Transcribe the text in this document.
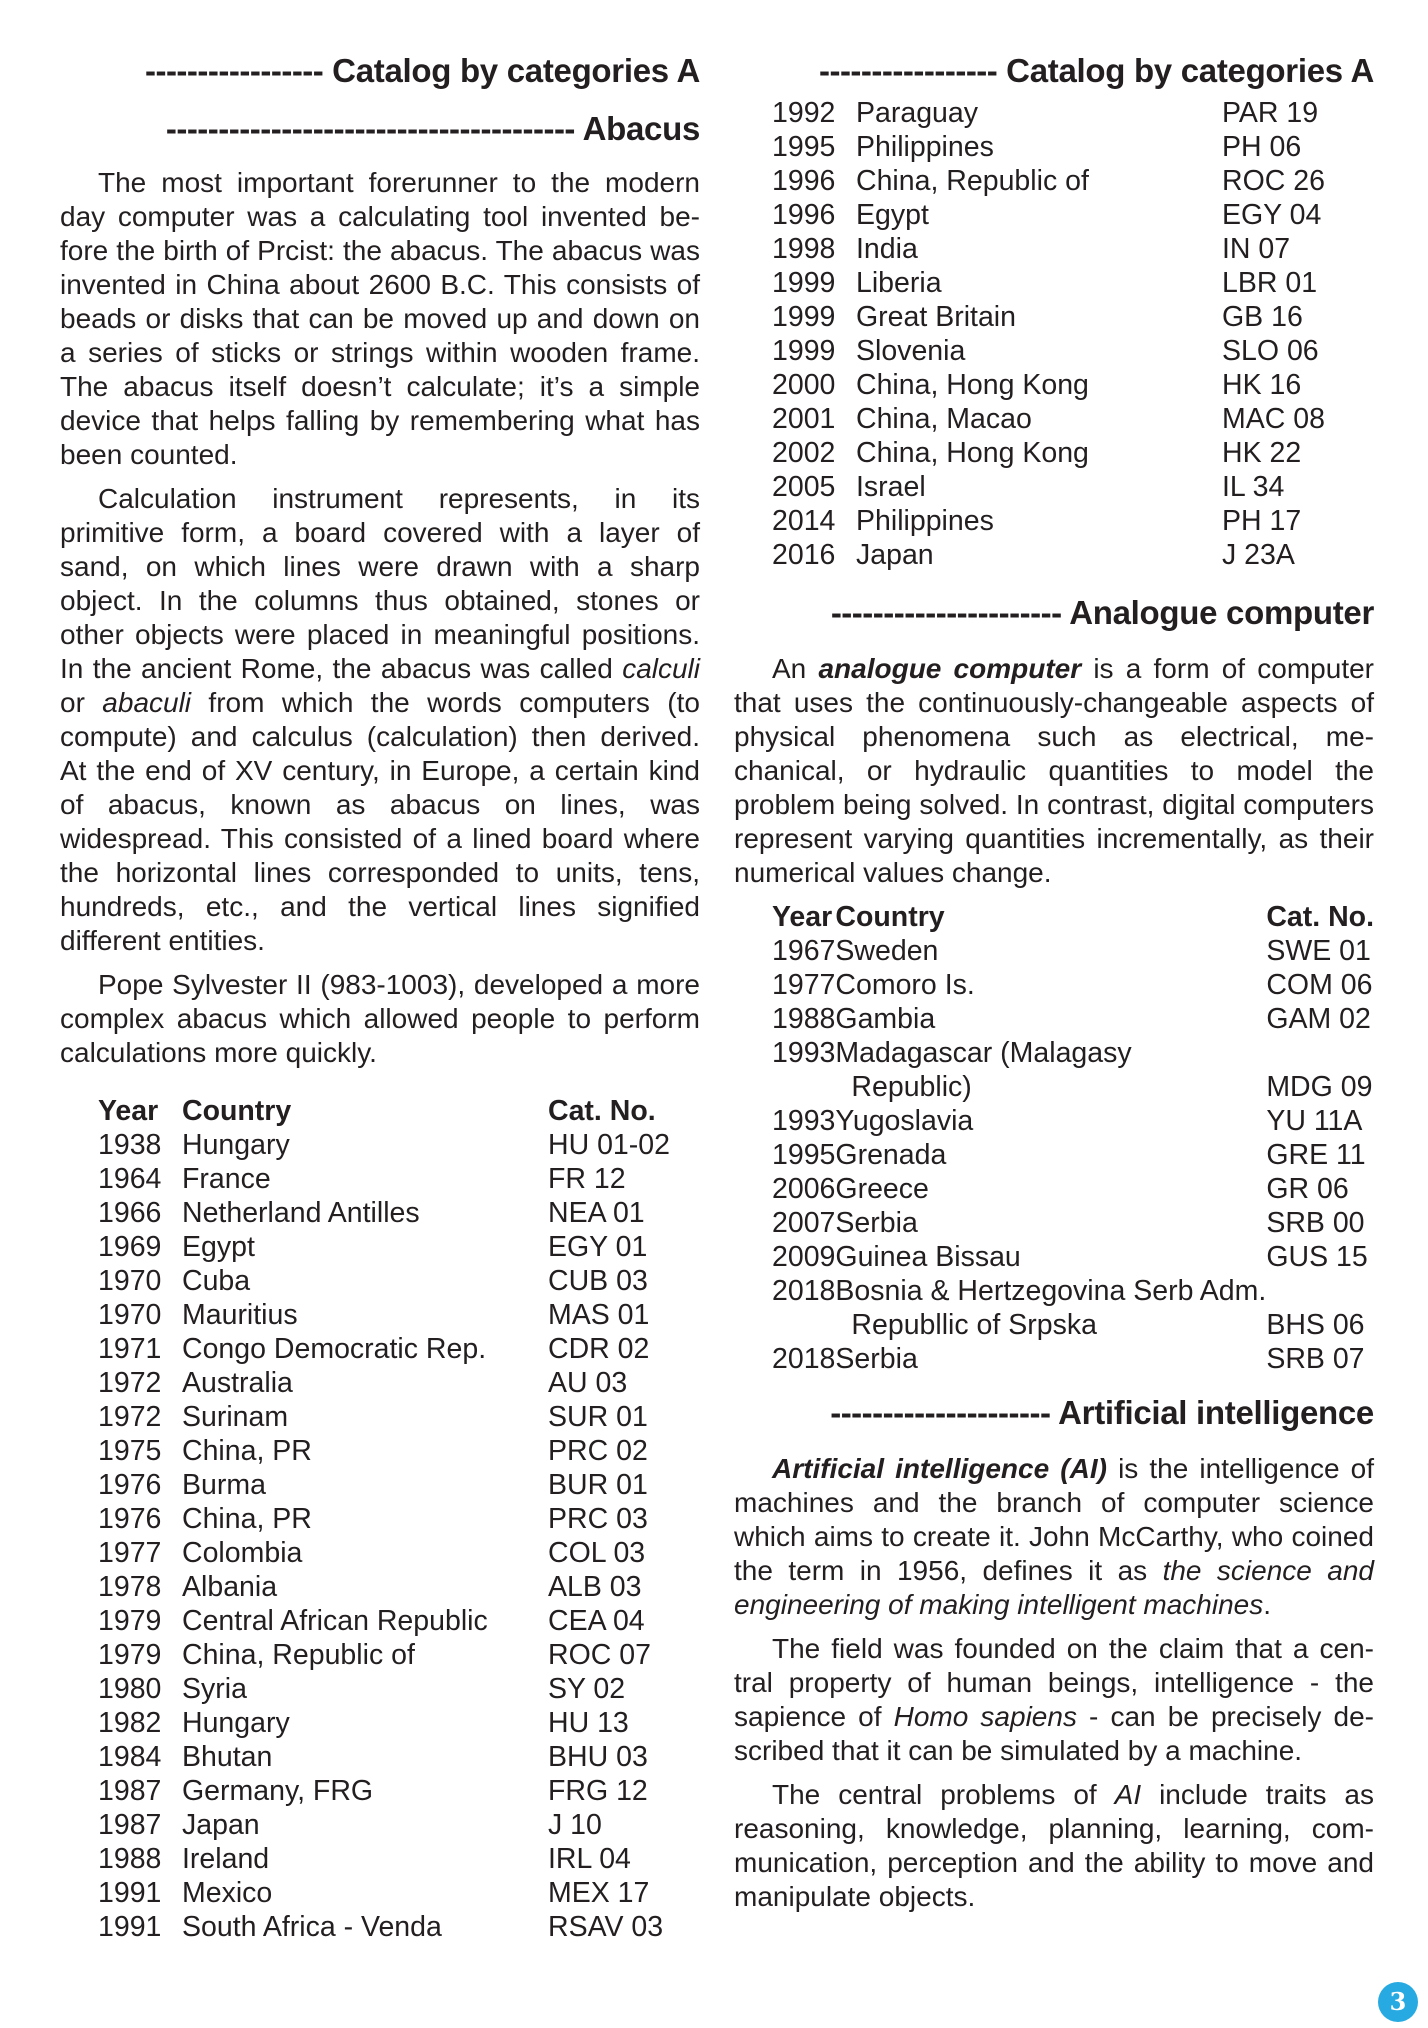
----------------- Catalog by categories A
--------------------------------------- Abacus

The most important forerunner to the modern day computer was a calculating tool invented before the birth of Prcist: the abacus. The abacus was invented in China about 2600 B.C. This consists of beads or disks that can be moved up and down on a series of sticks or strings within wooden frame. The abacus itself doesn’t calculate; it’s a simple device that helps falling by remembering what has been counted.

Calculation instrument represents, in its primitive form, a board covered with a layer of sand, on which lines were drawn with a sharp object. In the columns thus obtained, stones or other objects were placed in meaningful positions. In the ancient Rome, the abacus was called calculi or abaculi from which the words computers (to compute) and calculus (calculation) then derived. At the end of XV century, in Europe, a certain kind of abacus, known as abacus on lines, was widespread. This consisted of a lined board where the horizontal lines corresponded to units, tens, hundreds, etc., and the vertical lines signified different entities.

Pope Sylvester II (983-1003), developed a more complex abacus which allowed people to perform calculations more quickly.

Year	Country	Cat. No.
1938	Hungary	HU 01-02
1964	France	FR 12
1966	Netherland Antilles	NEA 01
1969	Egypt	EGY 01
1970	Cuba	CUB 03
1970	Mauritius	MAS 01
1971	Congo Democratic Rep.	CDR 02
1972	Australia	AU 03
1972	Surinam	SUR 01
1975	China, PR	PRC 02
1976	Burma	BUR 01
1976	China, PR	PRC 03
1977	Colombia	COL 03
1978	Albania	ALB 03
1979	Central African Republic	CEA 04
1979	China, Republic of	ROC 07
1980	Syria	SY 02
1982	Hungary	HU 13
1984	Bhutan	BHU 03
1987	Germany, FRG	FRG 12
1987	Japan	J 10
1988	Ireland	IRL 04
1991	Mexico	MEX 17
1991	South Africa - Venda	RSAV 03
----------------- Catalog by categories A
1992	Paraguay	PAR 19
1995	Philippines	PH 06
1996	China, Republic of	ROC 26
1996	Egypt	EGY 04
1998	India	IN 07
1999	Liberia	LBR 01
1999	Great Britain	GB 16
1999	Slovenia	SLO 06
2000	China, Hong Kong	HK 16
2001	China, Macao	MAC 08
2002	China, Hong Kong	HK 22
2005	Israel	IL 34
2014	Philippines	PH 17
2016	Japan	J 23A
---------------------- Analogue computer

An analogue computer is a form of computer that uses the continuously-changeable aspects of physical phenomena such as electrical, mechanical, or hydraulic quantities to model the problem being solved. In contrast, digital computers represent varying quantities incrementally, as their numerical values change.

Year	Country	Cat. No.
1967	Sweden	SWE 01
1977	Comoro Is.	COM 06
1988	Gambia	GAM 02
1993	Madagascar (Malagasy	
	Republic)	MDG 09
1993	Yugoslavia	YU 11A
1995	Grenada	GRE 11
2006	Greece	GR 06
2007	Serbia	SRB 00
2009	Guinea Bissau	GUS 15
2018	Bosnia & Hertzegovina Serb Adm.	
	Republlic of Srpska	BHS 06
2018	Serbia	SRB 07
--------------------- Artificial intelligence

Artificial intelligence (AI) is the intelligence of machines and the branch of computer science which aims to create it. John McCarthy, who coined the term in 1956, defines it as the science and engineering of making intelligent machines.

The field was founded on the claim that a central property of human beings, intelligence - the sapience of Homo sapiens - can be precisely described that it can be simulated by a machine.

The central problems of AI include traits as reasoning, knowledge, planning, learning, communication, perception and the ability to move and manipulate objects.

3
